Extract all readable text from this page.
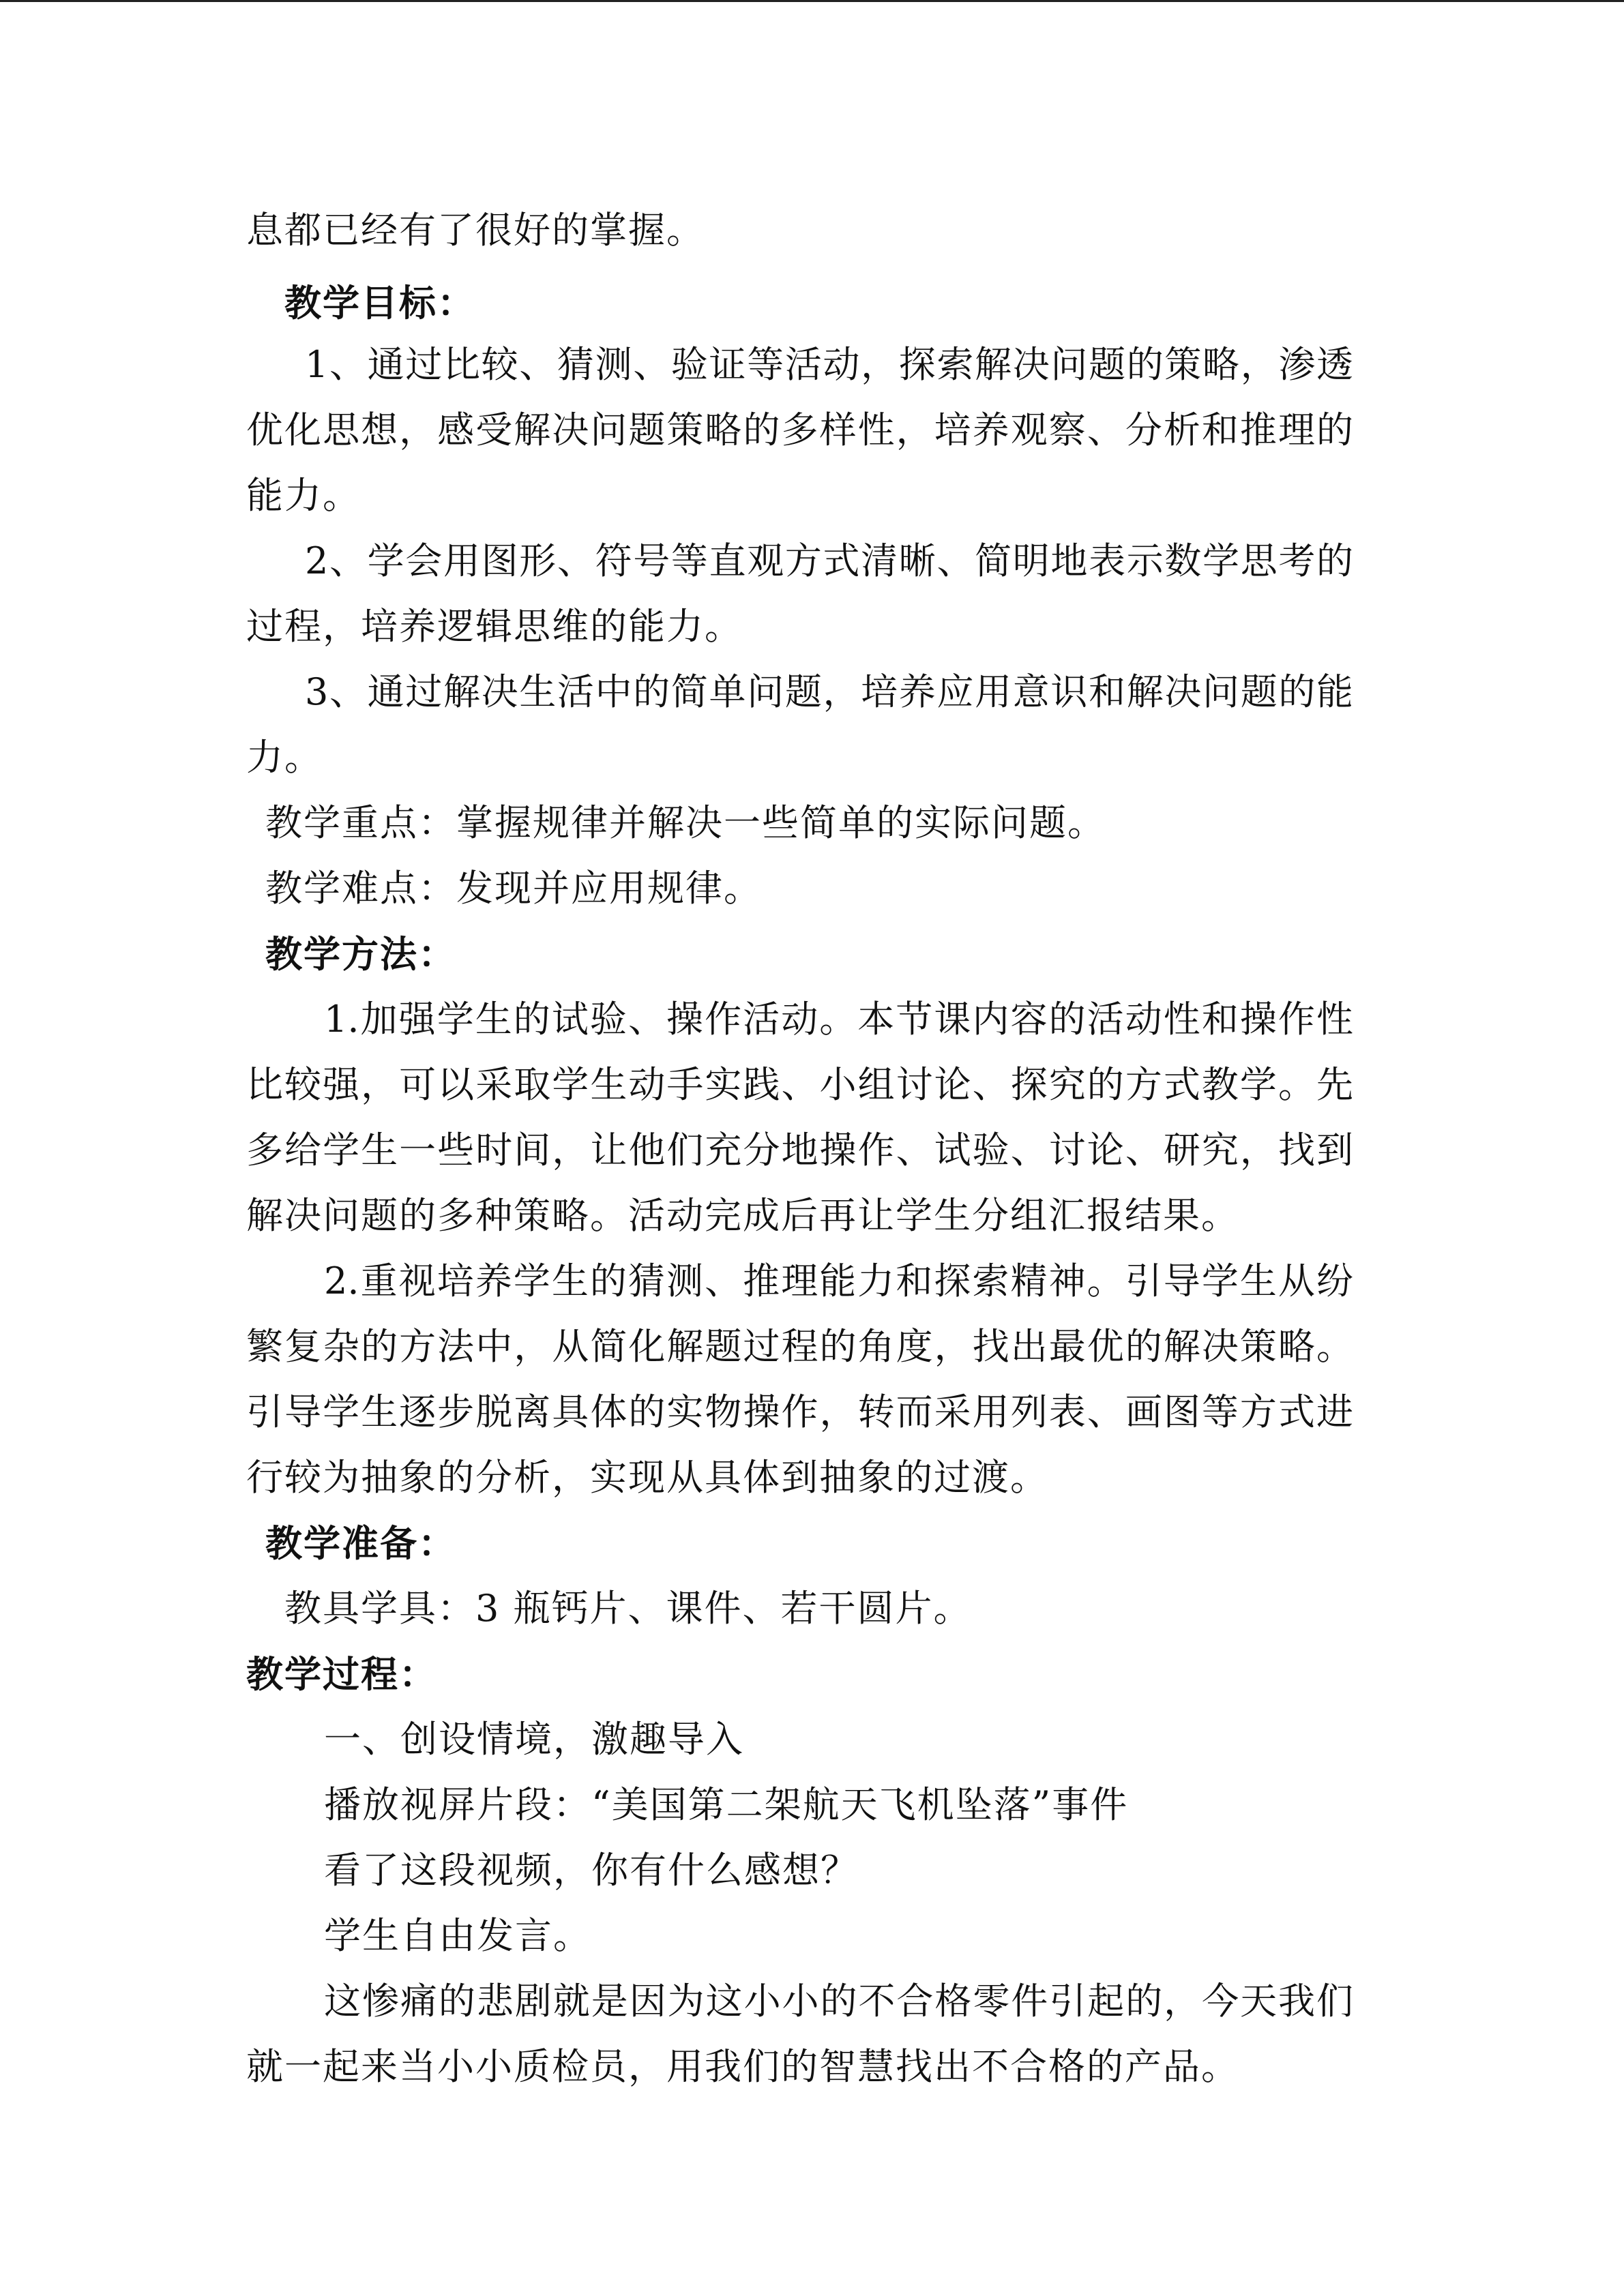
息都已经有了很好的掌握。
教学目标：
1、通过比较、猜测、验证等活动，探索解决问题的策略，渗透
优化思想，感受解决问题策略的多样性，培养观察、分析和推理的
能力。
2、学会用图形、符号等直观方式清晰、简明地表示数学思考的
过程，培养逻辑思维的能力。
3、通过解决生活中的简单问题，培养应用意识和解决问题的能
力。
教学重点：掌握规律并解决一些简单的实际问题。
教学难点：发现并应用规律。
教学方法：
1.加强学生的试验、操作活动。本节课内容的活动性和操作性
比较强，可以采取学生动手实践、小组讨论、探究的方式教学。先
多给学生一些时间，让他们充分地操作、试验、讨论、研究，找到
解决问题的多种策略。活动完成后再让学生分组汇报结果。
2.重视培养学生的猜测、推理能力和探索精神。引导学生从纷
繁复杂的方法中，从简化解题过程的角度，找出最优的解决策略。
引导学生逐步脱离具体的实物操作，转而采用列表、画图等方式进
行较为抽象的分析，实现从具体到抽象的过渡。
教学准备：
教具学具：3 瓶钙片、课件、若干圆片。
教学过程：
一、创设情境，激趣导入
播放视屏片段：“美国第二架航天飞机坠落”事件
看了这段视频，你有什么感想？
学生自由发言。
这惨痛的悲剧就是因为这小小的不合格零件引起的，今天我们
就一起来当小小质检员，用我们的智慧找出不合格的产品。
